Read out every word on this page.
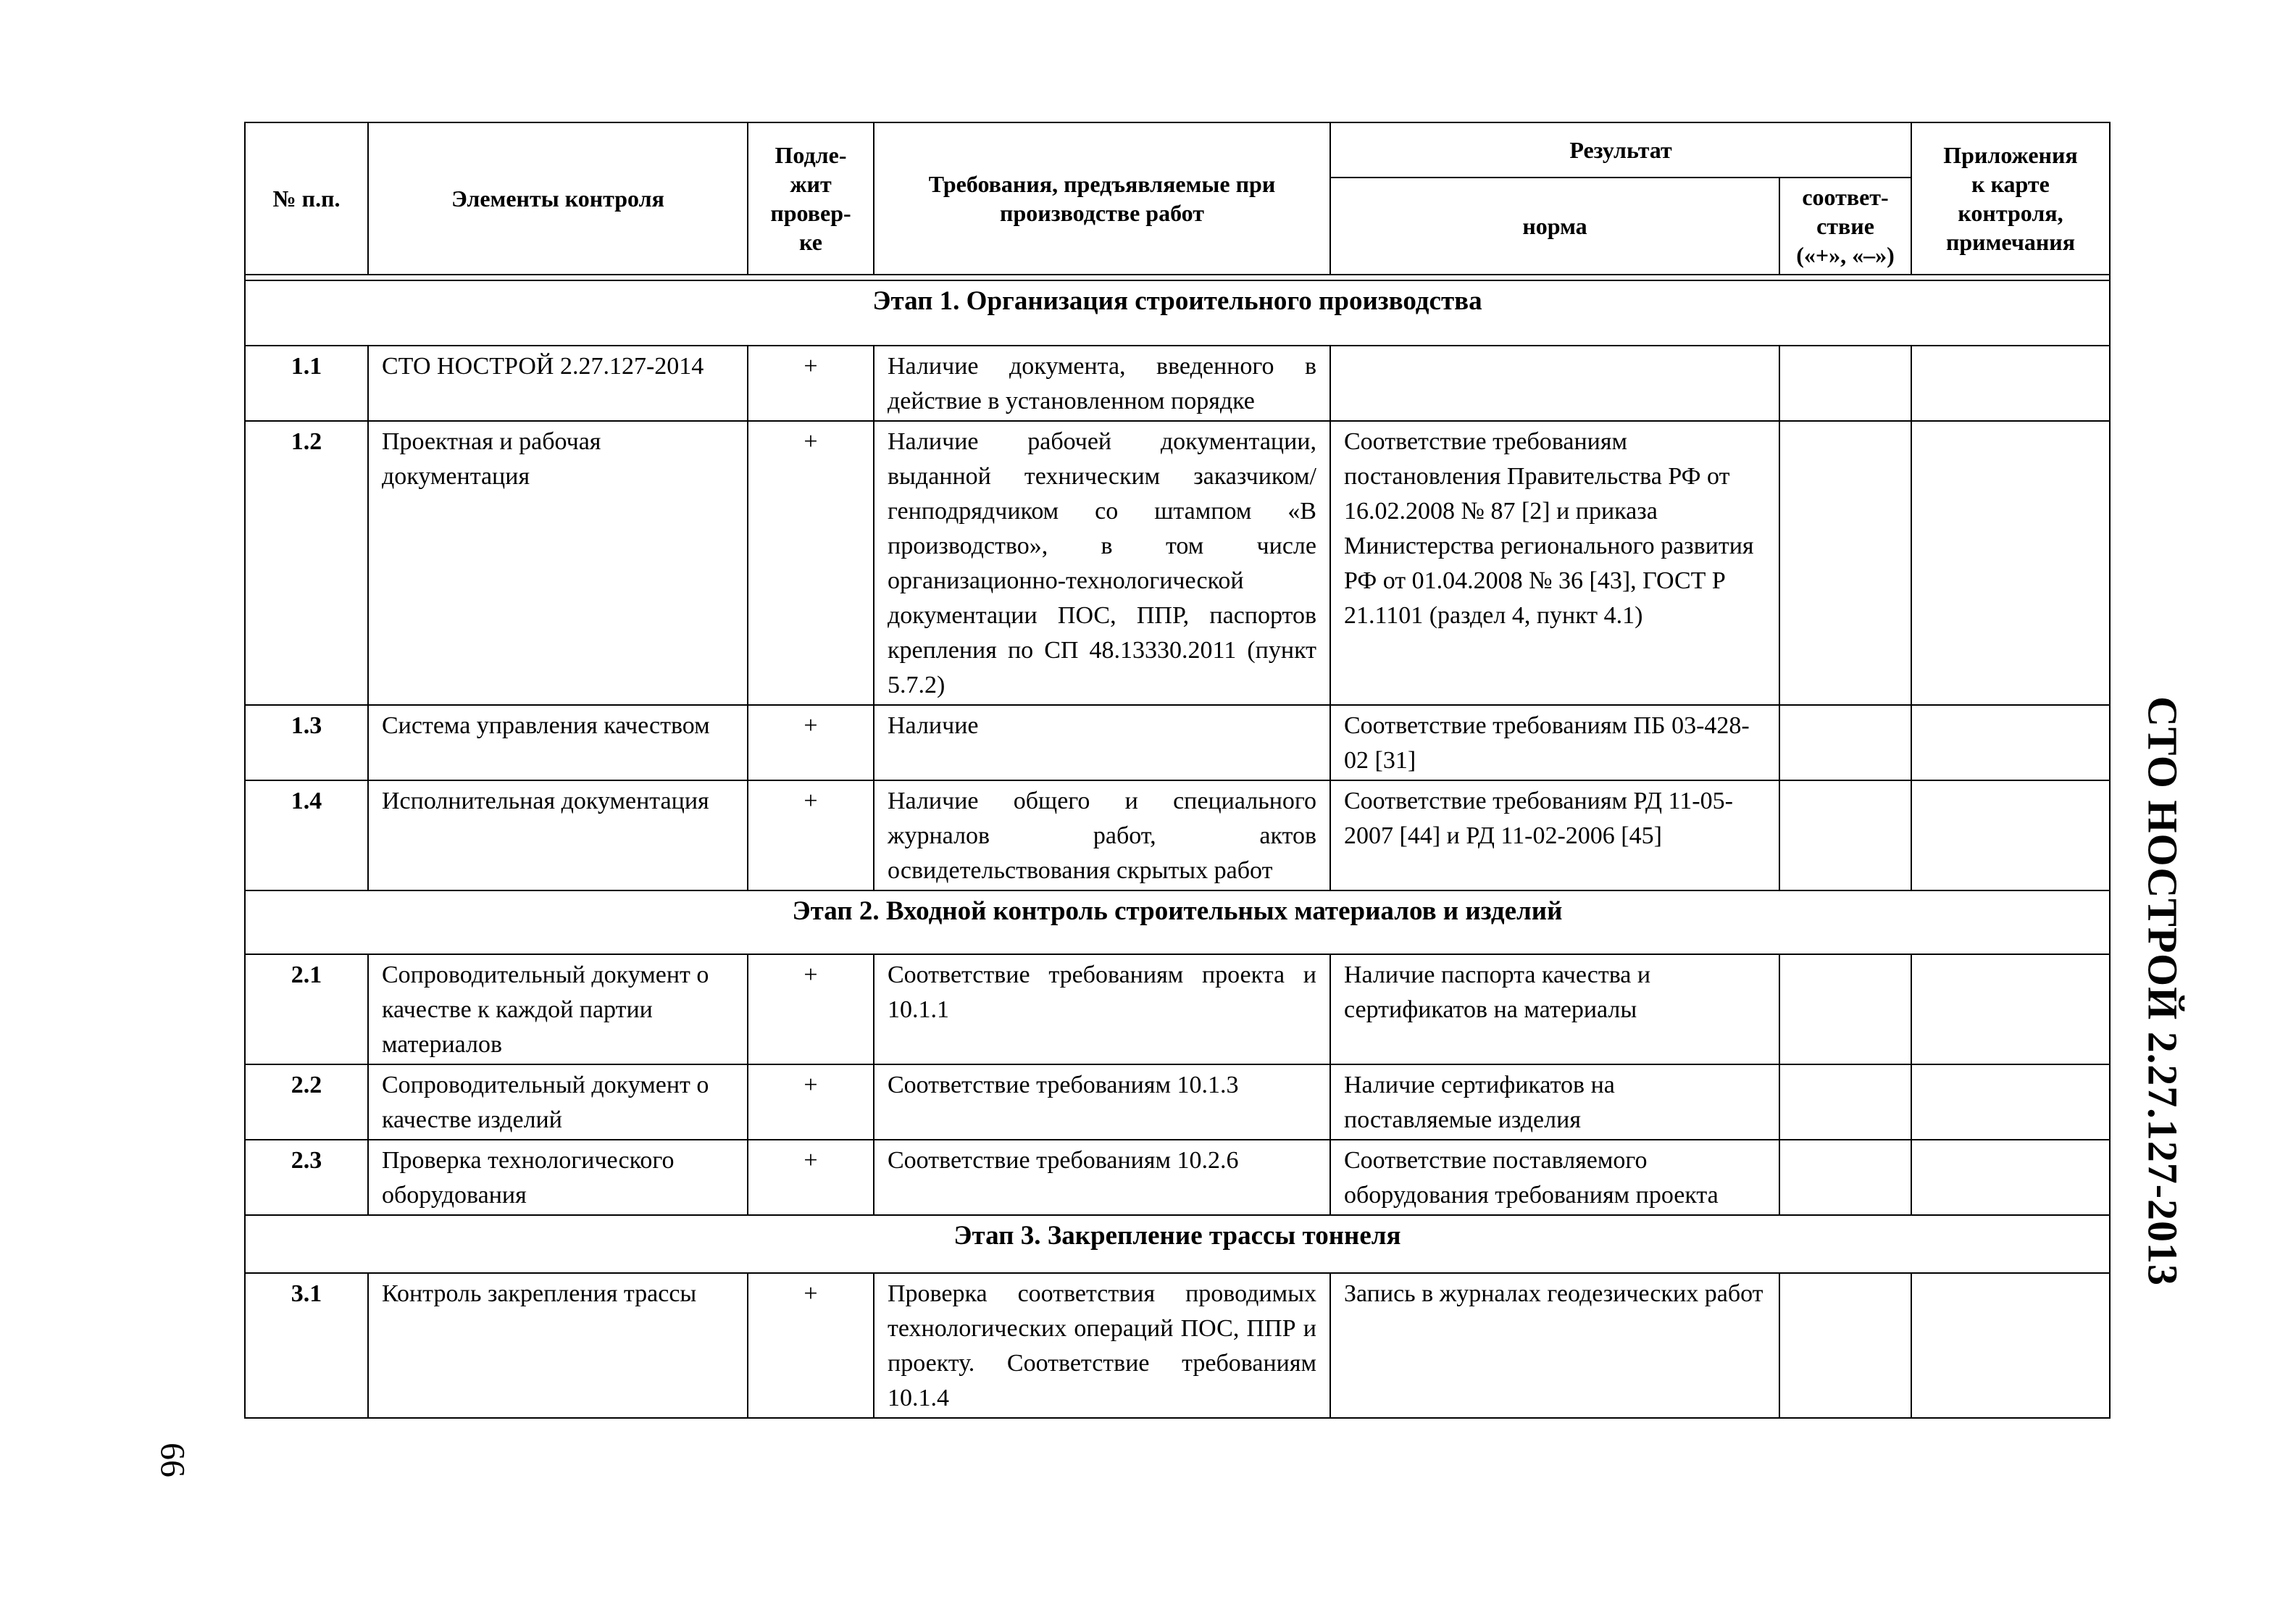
№ п.п.	Элементы контроля	Подле-
жит
провер-
ке	Требования, предъявляемые при производстве работ	Результат		Приложения
к карте
контроля,
примечания
				норма	соответ-
ствие
(«+», «–»)	

Этап 1. Организация строительного производства						
1.1	СТО НОСТРОЙ 2.27.127-2014	+	Наличие документа, введенного в действие в установленном порядке			
1.2	Проектная и рабочая документация	+	Наличие рабочей документации, выданной техническим заказчиком/генподрядчиком со штампом «В производство», в том числе организационно-технологической документации ПОС, ППР, паспортов крепления по СП 48.13330.2011 (пункт 5.7.2)	Соответствие требованиям постановления Правительства РФ от 16.02.2008 № 87 [2] и приказа Министерства регионального развития РФ от 01.04.2008 № 36 [43], ГОСТ Р 21.1101 (раздел 4, пункт 4.1)		
1.3	Система управления качеством	+	Наличие	Соответствие требованиям ПБ 03-428-02 [31]		
1.4	Исполнительная документация	+	Наличие общего и специального журналов работ, актов освидетельствования скрытых работ	Соответствие требованиям РД 11-05-2007 [44] и РД 11-02-2006 [45]		
Этап 2. Входной контроль строительных материалов и изделий						
2.1	Сопроводительный документ о качестве к каждой партии материалов	+	Соответствие требованиям проекта и 10.1.1	Наличие паспорта качества и сертификатов на материалы		
2.2	Сопроводительный документ о качестве изделий	+	Соответствие требованиям 10.1.3	Наличие сертификатов на поставляемые изделия		
2.3	Проверка технологического оборудования	+	Соответствие требованиям 10.2.6	Соответствие поставляемого оборудования требованиям проекта		
Этап 3. Закрепление трассы тоннеля						
3.1	Контроль закрепления трассы	+	Проверка соответствия проводимых технологических операций ПОС, ППР и проекту. Соответствие требованиям 10.1.4	Запись в журналах геодезических работ		
СТО НОСТРОЙ 2.27.127-2013
66
